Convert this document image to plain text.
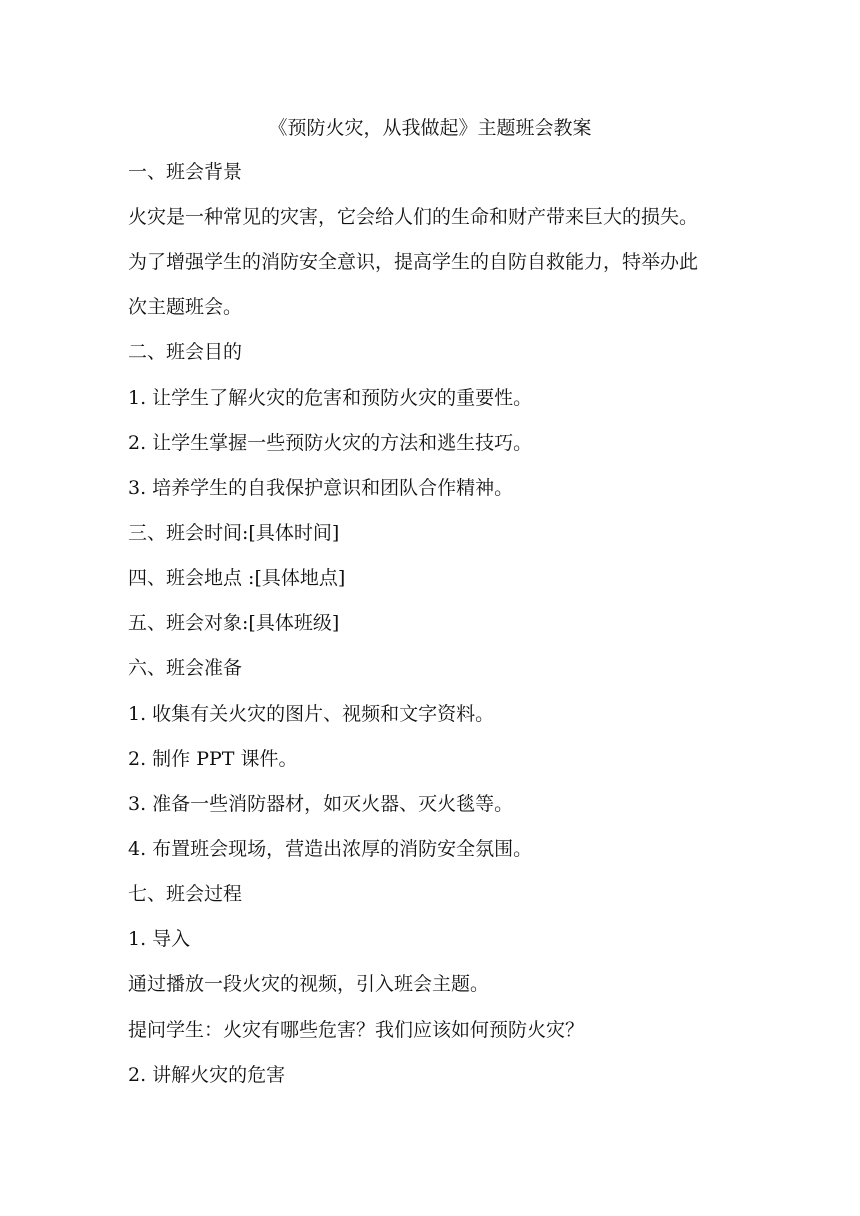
《预防火灾，从我做起》主题班会教案
一、班会背景
火灾是一种常见的灾害，它会给人们的生命和财产带来巨大的损失。
为了增强学生的消防安全意识，提高学生的自防自救能力，特举办此
次主题班会。
二、班会目的
1. 让学生了解火灾的危害和预防火灾的重要性。
2. 让学生掌握一些预防火灾的方法和逃生技巧。
3. 培养学生的自我保护意识和团队合作精神。
三、班会时间:[具体时间]
四、班会地点 :[具体地点]
五、班会对象:[具体班级]
六、班会准备
1. 收集有关火灾的图片、视频和文字资料。
2. 制作 PPT 课件。
3. 准备一些消防器材，如灭火器、灭火毯等。
4. 布置班会现场，营造出浓厚的消防安全氛围。
七、班会过程
1. 导入
通过播放一段火灾的视频，引入班会主题。
提问学生：火灾有哪些危害？我们应该如何预防火灾？
2. 讲解火灾的危害
